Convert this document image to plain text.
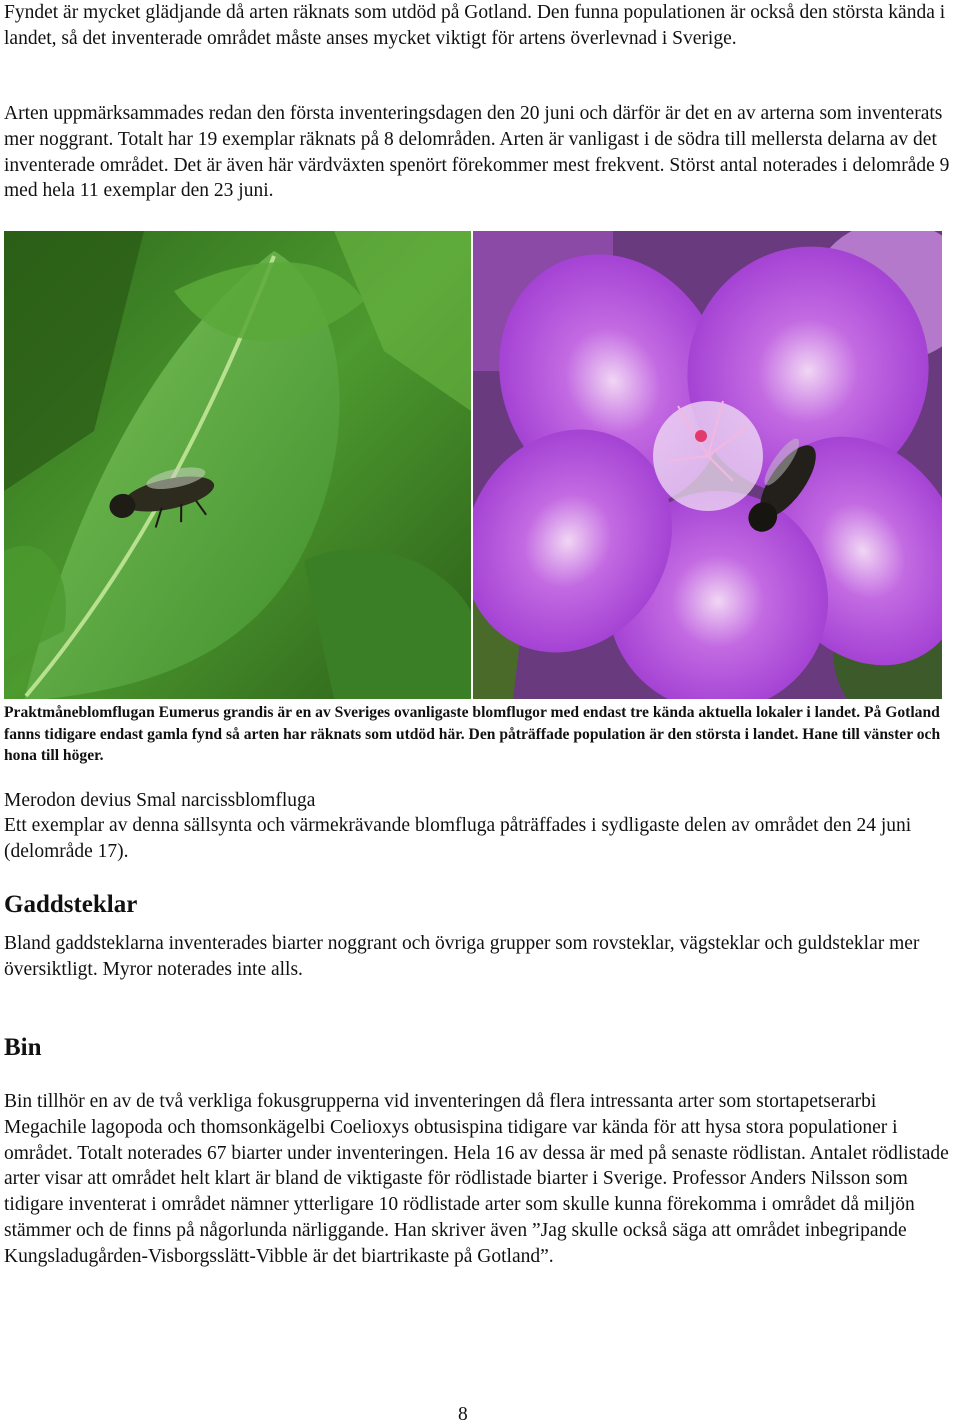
Fyndet är mycket glädjande då arten räknats som utdöd på Gotland. Den funna populationen är också den största kända i landet, så det inventerade området måste anses mycket viktigt för artens överlevnad i Sverige.

Arten uppmärksammades redan den första inventeringsdagen den 20 juni och därför är det en av arterna som inventerats mer noggrant. Totalt har 19 exemplar räknats på 8 delområden. Arten är vanligast i de södra till mellersta delarna av det inventerade området. Det är även här värdväxten spenört förekommer mest frekvent. Störst antal noterades i delområde 9 med hela 11 exemplar den 23 juni.

Praktmåneblomflugan Eumerus grandis är en av Sveriges ovanligaste blomflugor med endast tre kända aktuella lokaler i landet. På Gotland fanns tidigare endast gamla fynd så arten har räknats som utdöd här. Den påträffade population är den största i landet. Hane till vänster och hona till höger.
Merodon devius Smal narcissblomfluga

Ett exemplar av denna sällsynta och värmekrävande blomfluga påträffades i sydligaste delen av området den 24 juni (delområde 17).

Gaddsteklar

Bland gaddsteklarna inventerades biarter noggrant och övriga grupper som rovsteklar, vägsteklar och guldsteklar mer översiktligt. Myror noterades inte alls.

Bin

Bin tillhör en av de två verkliga fokusgrupperna vid inventeringen då flera intressanta arter som stortapetserarbi Megachile lagopoda och thomsonkägelbi Coelioxys obtusispina tidigare var kända för att hysa stora populationer i området. Totalt noterades 67 biarter under inventeringen. Hela 16 av dessa är med på senaste rödlistan. Antalet rödlistade arter visar att området helt klart är bland de viktigaste för rödlistade biarter i Sverige. Professor Anders Nilsson som tidigare inventerat i området nämner ytterligare 10 rödlistade arter som skulle kunna förekomma i området då miljön stämmer och de finns på någorlunda närliggande. Han skriver även ”Jag skulle också säga att området inbegripande Kungsladugården-Visborgsslätt-Vibble är det biartrikaste på Gotland”.

8
